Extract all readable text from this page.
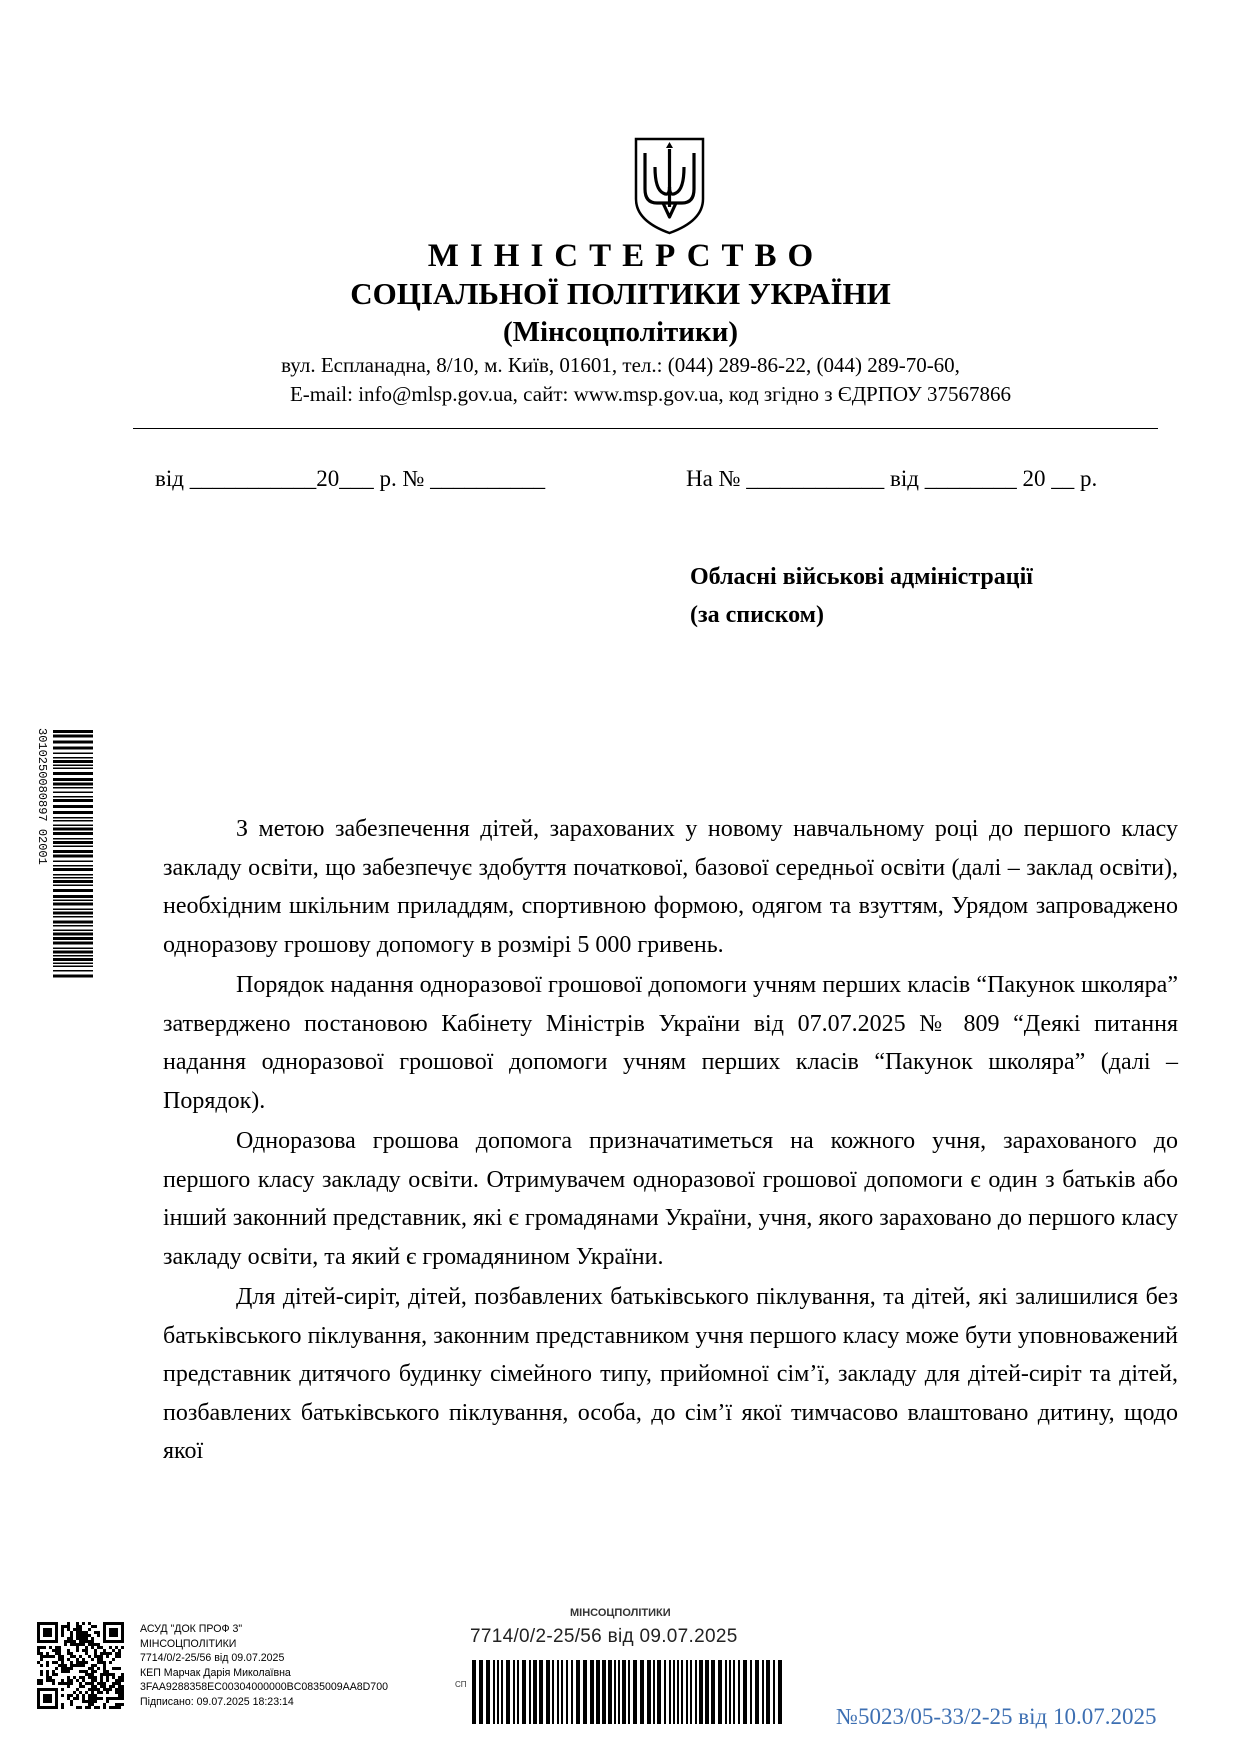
МІНІСТЕРСТВО
СОЦІАЛЬНОЇ ПОЛІТИКИ УКРАЇНИ
(Мінсоцполітики)
вул. Еспланадна, 8/10, м. Київ, 01601, тел.: (044) 289-86-22, (044) 289-70-60,
E-mail: info@mlsp.gov.ua, сайт: www.msp.gov.ua, код згідно з ЄДРПОУ 37567866
від ___________20___ р. № __________	На № ____________ від ________ 20 __ р.
Обласні військові адміністрації
(за списком)
3010250080897 02001	З метою забезпечення дітей, зарахованих у новому навчальному році до першого класу закладу освіти, що забезпечує здобуття початкової, базової середньої освіти (далі – заклад освіти), необхідним шкільним приладдям, спортивною формою, одягом та взуттям, Урядом запроваджено одноразову грошову допомогу в розмірі 5 000 гривень.

Порядок надання одноразової грошової допомоги учням перших класів “Пакунок школяра” затверджено постановою Кабінету Міністрів України від 07.07.2025 № 809 “Деякі питання надання одноразової грошової допомоги учням перших класів “Пакунок школяра” (далі – Порядок).

Одноразова грошова допомога призначатиметься на кожного учня, зарахованого до першого класу закладу освіти. Отримувачем одноразової грошової допомоги є один з батьків або інший законний представник, які є громадянами України, учня, якого зараховано до першого класу закладу освіти, та який є громадянином України.

Для дітей-сиріт, дітей, позбавлених батьківського піклування, та дітей, які залишилися без батьківського піклування, законним представником учня першого класу може бути уповноважений представник дитячого будинку сімейного типу, прийомної сім’ї, закладу для дітей-сиріт та дітей, позбавлених батьківського піклування, особа, до сім’ї якої тимчасово влаштовано дитину, щодо якої

АСУД "ДОК ПРОФ 3"
МІНСОЦПОЛІТИКИ
7714/0/2-25/56 від 09.07.2025
КЕП Марчак Дарія Миколаївна
3FAA9288358EC00304000000BC0835009AA8D700
Підписано: 09.07.2025 18:23:14
МІНСОЦПОЛІТИКИ
7714/0/2-25/56 від 09.07.2025
CП
№5023/05-33/2-25 від 10.07.2025
